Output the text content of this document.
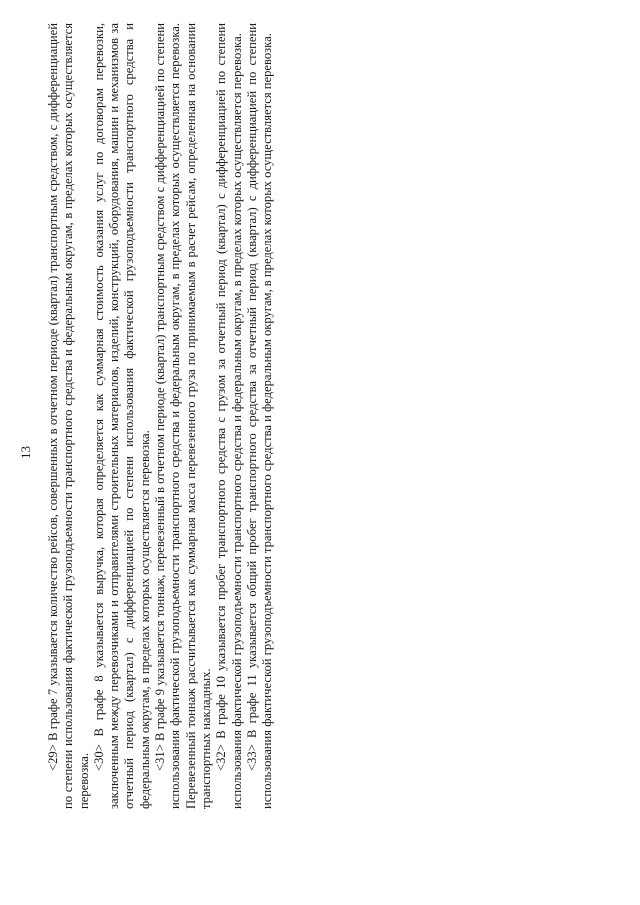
13 <29> В графе 7 указывается количество рейсов, совершенных в отчетном периоде (квартал) транспортным средством, с дифференциацией по степени использования фактической грузоподъемности транспортного средства и федеральным округам, в пределах которых осуществляется перевозка.

<30> В графе 8 указывается выручка, которая определяется как суммарная стоимость оказания услуг по договорам перевозки, заключенным между перевозчиками и отправителями строительных материалов, изделий, конструкций, оборудования, машин и механизмов за отчетный период (квартал) с дифференциацией по степени использования фактической грузоподъемности транспортного средства и федеральным округам, в пределах которых осуществляется перевозка. <31> В графе 9 указывается тоннаж, перевезенный в отчетном периоде (квартал) транспортным средством с дифференциацией по степени использования фактической грузоподъемности транспортного средства и федеральным округам, в пределах которых осуществляется перевозка. Перевезенный тоннаж рассчитывается как суммарная масса перевезенного груза по принимаемым в расчет рейсам, определенная на основании транспортных накладных. <32> В графе 10 указывается пробег транспортного средства с грузом за отчетный период (квартал) с дифференциацией по степени использования фактической грузоподъемности транспортного средства и федеральным округам, в пределах которых осуществляется перевозка. <33> В графе 11 указывается общий пробег транспортного средства за отчетный период (квартал) с дифференциацией по степени использования фактической грузоподъемности транспортного средства и федеральным округам, в пределах которых осуществляется перевозка.
